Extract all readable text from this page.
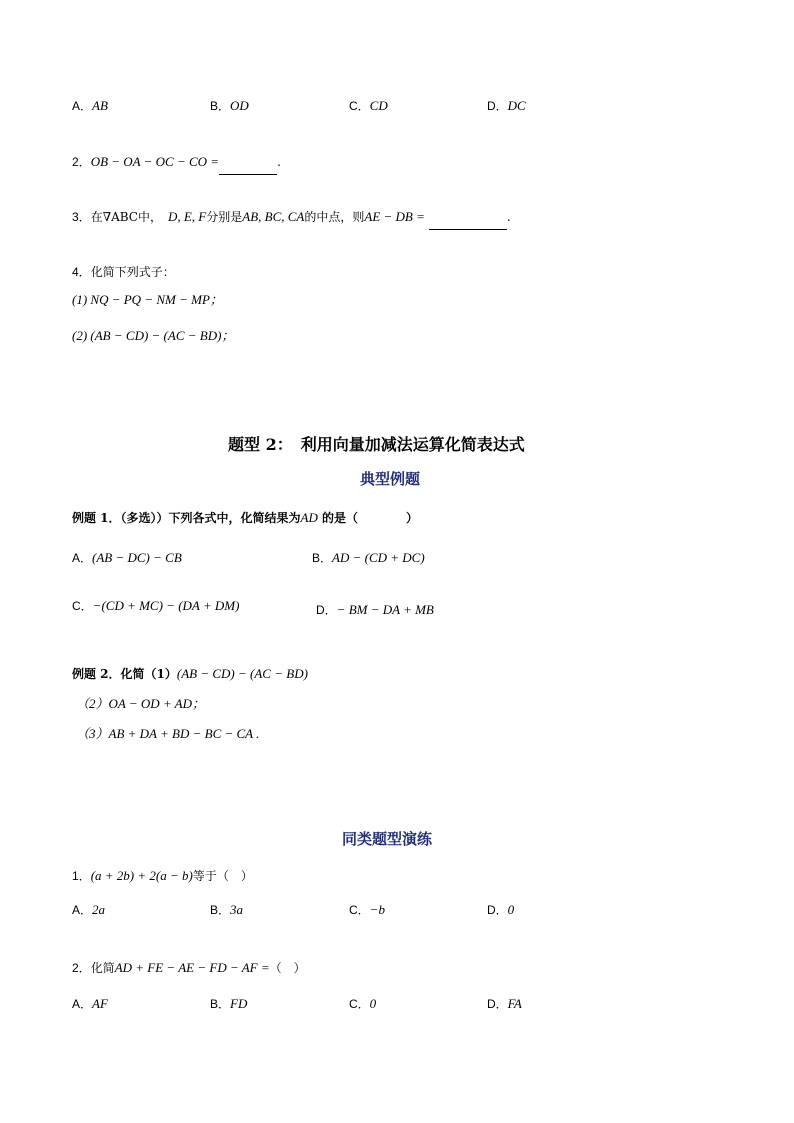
A．AB	B．OD	C．CD	D．DC
2．OB − OA − OC − CO =	.
3．在∇ABC中， D, E, F分别是AB, BC, CA的中点，则AE − DB =	.
4．化简下列式子：
(1) NQ − PQ − NM − MP；
(2) (AB − CD) − (AC − BD)；
题型 2：　利用向量加减法运算化简表达式
典型例题
例题 1．（多选））下列各式中，化简结果为AD 的是（　　　　）
A．(AB − DC) − CB	B．AD − (CD + DC)
C．−(CD + MC) − (DA + DM)	D．− BM − DA + MB
例题 2．化简（1）(AB − CD) − (AC − BD)
（2）OA − OD + AD；
（3）AB + DA + BD − BC − CA .
同类题型演练
1．(a + 2b) + 2(a − b)等于（　）
A．2a	B．3a	C．−b	D．0
2．化简AD + FE − AE − FD − AF =（　）
A．AF	B．FD	C．0	D．FA
